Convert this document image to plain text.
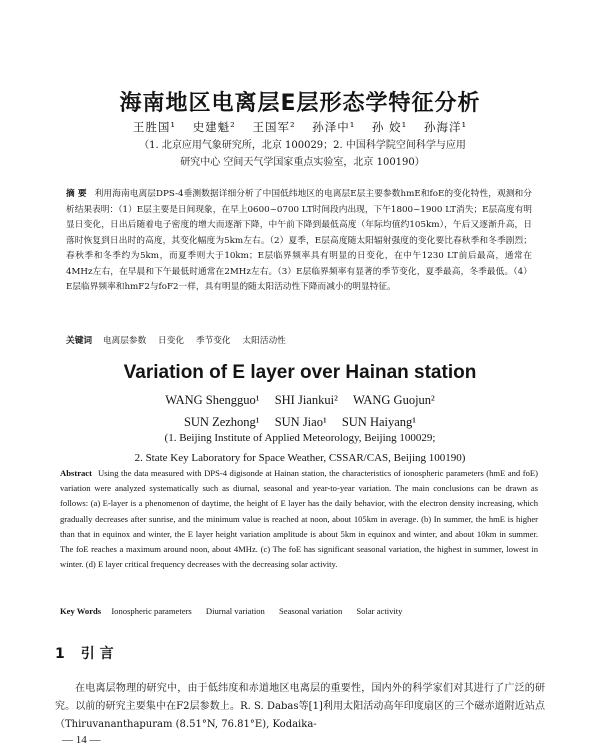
海南地区电离层E层形态学特征分析
王胜国¹ 史建魁² 王国军² 孙泽中¹ 孙 姣¹ 孙海洋¹
（1. 北京应用气象研究所，北京 100029；2. 中国科学院空间科学与应用
研究中心 空间天气学国家重点实验室，北京 100190）
摘 要 利用海南电离层DPS-4垂测数据详细分析了中国低纬地区的电离层E层主要参数hmE和foE的变化特性，观测和分析结果表明：（1）E层主要是日间现象，在早上0600~0700 LT时间段内出现，下午1800~1900 LT消失；E层高度有明显日变化，日出后随着电子密度的增大而逐渐下降，中午前下降到最低高度（年际均值约105km），午后又逐渐升高，日落时恢复到日出时的高度，其变化幅度为5km左右。（2）夏季，E层高度随太阳辐射强度的变化要比春秋季和冬季剧烈；春秋季和冬季约为5km，而夏季则大于10km；E层临界频率具有明显的日变化，在中午1230 LT前后最高，通常在4MHz左右，在早晨和下午最低时通常在2MHz左右。（3）E层临界频率有显著的季节变化，夏季最高，冬季最低。（4）E层临界频率和hmF2与foF2一样，具有明显的随太阳活动性下降而减小的明显特征。
关键词 电离层参数 日变化 季节变化 太阳活动性
Variation of E layer over Hainan station
WANG Shengguo¹ SHI Jiankui² WANG Guojun²
SUN Zezhong¹ SUN Jiao¹ SUN Haiyang¹
(1. Beijing Institute of Applied Meteorology, Beijing 100029;
2. State Key Laboratory for Space Weather, CSSAR/CAS, Beijing 100190)
Abstract Using the data measured with DPS-4 digisonde at Hainan station, the characteristics of ionospheric parameters (hmE and foE) variation were analyzed systematically such as diurnal, seasonal and year-to-year variation. The main conclusions can be drawn as follows: (a) E-layer is a phenomenon of daytime, the height of E layer has the daily behavior, with the electron density increasing, which gradually decreases after sunrise, and the minimum value is reached at noon, about 105km in average. (b) In summer, the hmE is higher than that in equinox and winter, the E layer height variation amplitude is about 5km in equinox and winter, and about 10km in summer. The foE reaches a maximum around noon, about 4MHz. (c) The foE has significant seasonal variation, the highest in summer, lowest in winter. (d) E layer critical frequency decreases with the decreasing solar activity.
Key Words Ionospheric parameters Diurnal variation Seasonal variation Solar activity
1 引 言
在电离层物理的研究中，由于低纬度和赤道地区电离层的重要性，国内外的科学家们对其进行了广泛的研究。以前的研究主要集中在F2层参数上。R. S. Dabas等[1]利用太阳活动高年印度扇区的三个磁赤道附近站点（Thiruvananthapuram (8.51°N, 76.81°E), Kodaika-
— 14 —
